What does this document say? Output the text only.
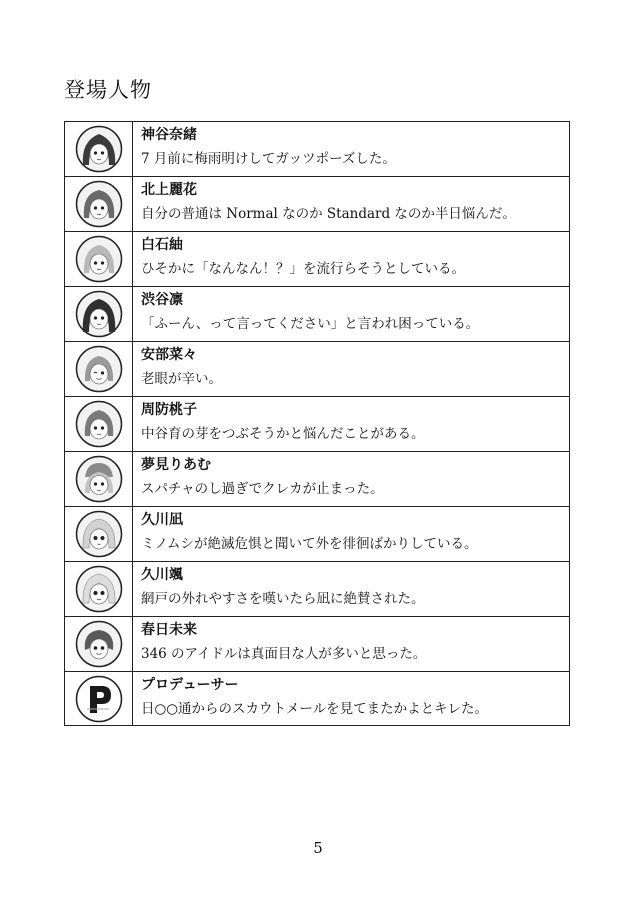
登場人物
神谷奈緒
7 月前に梅雨明けしてガッツポーズした。
北上麗花
自分の普通は Normal なのか Standard なのか半日悩んだ。
白石紬
ひそかに「なんなん！？」を流行らそうとしている。
渋谷凛
「ふーん、って言ってください」と言われ困っている。
安部菜々
老眼が辛い。
周防桃子
中谷育の芽をつぶそうかと悩んだことがある。
夢見りあむ
スパチャのし過ぎでクレカが止まった。
久川凪
ミノムシが絶滅危惧と聞いて外を徘徊ばかりしている。
久川颯
網戸の外れやすさを嘆いたら凪に絶賛された。
春日未来
346 のアイドルは真面目な人が多いと思った。
プロデューサー
日○○通からのスカウトメールを見てまたかよとキレた。
5
